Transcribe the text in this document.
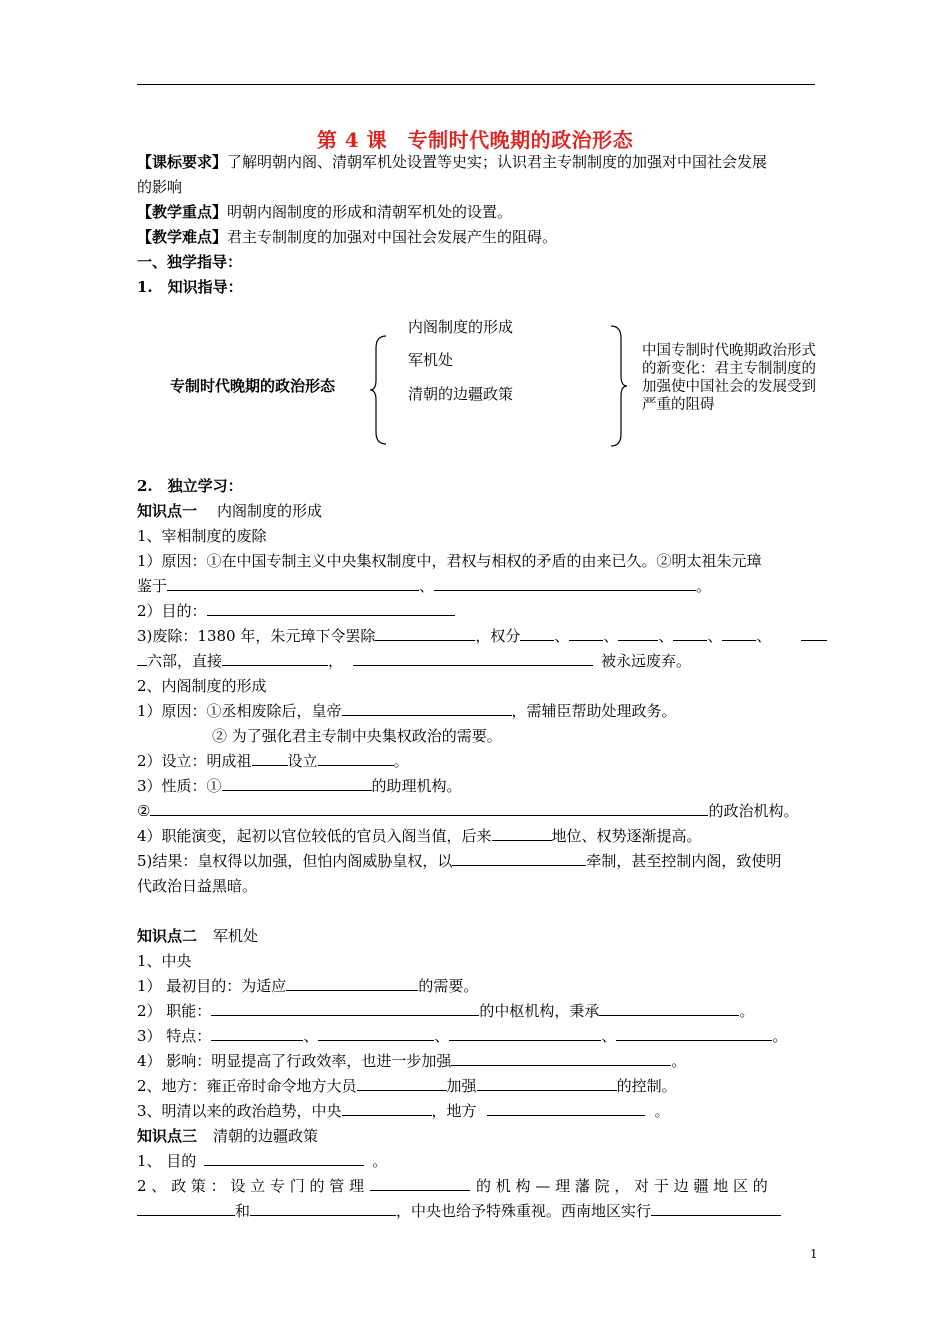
第 4 课　专制时代晚期的政治形态
【课标要求】了解明朝内阁、清朝军机处设置等史实；认识君主专制制度的加强对中国社会发展
的影响
【教学重点】明朝内阁制度的形成和清朝军机处的设置。
【教学难点】君主专制制度的加强对中国社会发展产生的阻碍。
一、独学指导：
1.　知识指导：
专制时代晚期的政治形态
内阁制度的形成
军机处
清朝的边疆政策
中国专制时代晚期政治形式的新变化：君主专制制度的加强使中国社会的发展受到严重的阻碍
2.　独立学习：
知识点一 内阁制度的形成
1、宰相制度的废除
1）原因：①在中国专制主义中央集权制度中，君权与相权的矛盾的由来已久。②明太祖朱元璋
鉴于	、	。
2）目的：
3)废除：1380 年，朱元璋下令罢除	，权分 、 、	、 、 、
六部，直接	，	被永远废弃。
2、内阁制度的形成
1）原因：①丞相废除后，皇帝	，需辅臣帮助处理政务。
② 为了强化君主专制中央集权政治的需要。
2）设立：明成祖 设立	。
3）性质：①	的助理机构。
②	的政治机构。
4）职能演变，起初以官位较低的官员入阁当值，后来	地位、权势逐渐提高。
5)结果：皇权得以加强，但怕内阁威胁皇权，以	牵制，甚至控制内阁，致使明
代政治日益黑暗。
知识点二 军机处
1、中央
1） 最初目的：为适应	的需要。
2） 职能：	的中枢机构，秉承	。
3） 特点：	、	、	、	。
4） 影响：明显提高了行政效率，也进一步加强	。
2、地方：雍正帝时命令地方大员	加强	的控制。
3、明清以来的政治趋势，中央	，地方	。
知识点三 清朝的边疆政策
1、 目的	。
2 、 政 策 ： 设 立 专 门 的 管 理	的 机 构 — 理 藩 院 ， 对 于 边 疆 地 区 的
和	，中央也给予特殊重视。西南地区实行
1
